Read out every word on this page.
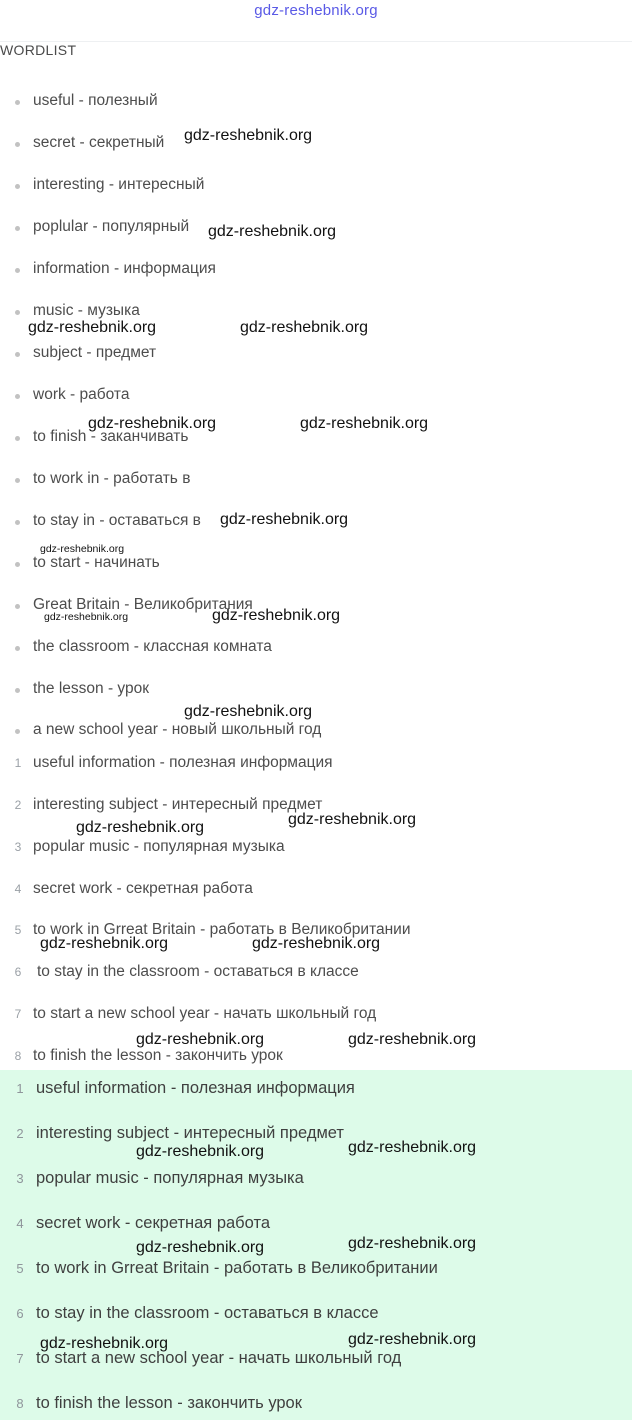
gdz-reshebnik.org
WORDLIST
useful - полезный
secret - секретный
interesting - интересный
poplular - популярный
information - информация
music - музыка
subject - предмет
work - работа
to finish - заканчивать
to work in - работать в
to stay in - оставаться в
to start - начинать
Great Britain - Великобритания
the classroom - классная комната
the lesson - урок
a new school year - новый школьный год
1 useful information - полезная информация
2 interesting subject - интересный предмет
3 popular music - популярная музыка
4 secret work - секретная работа
5 to work in Grreat Britain - работать в Великобритании
6	to stay in the classroom - оставаться в классе
7 to start a new school year - начать школьный год
8 to finish the lesson - закончить урок
1 useful information - полезная информация
2 interesting subject - интересный предмет
3 popular music - популярная музыка
4 secret work - секретная работа
5 to work in Grreat Britain - работать в Великобритании
6 to stay in the classroom - оставаться в классе
7 to start a new school year - начать школьный год
8 to finish the lesson - закончить урок
gdz-reshebnik.org
gdz-reshebnik.org
gdz-reshebnik.org	gdz-reshebnik.org
gdz-reshebnik.org	gdz-reshebnik.org
gdz-reshebnik.org
gdz-reshebnik.org
gdz-reshebnik.org	gdz-reshebnik.org
gdz-reshebnik.org
gdz-reshebnik.org	gdz-reshebnik.org
gdz-reshebnik.org	gdz-reshebnik.org
gdz-reshebnik.org	gdz-reshebnik.org
gdz-reshebnik.org	gdz-reshebnik.org
gdz-reshebnik.org	gdz-reshebnik.org
gdz-reshebnik.org	gdz-reshebnik.org
